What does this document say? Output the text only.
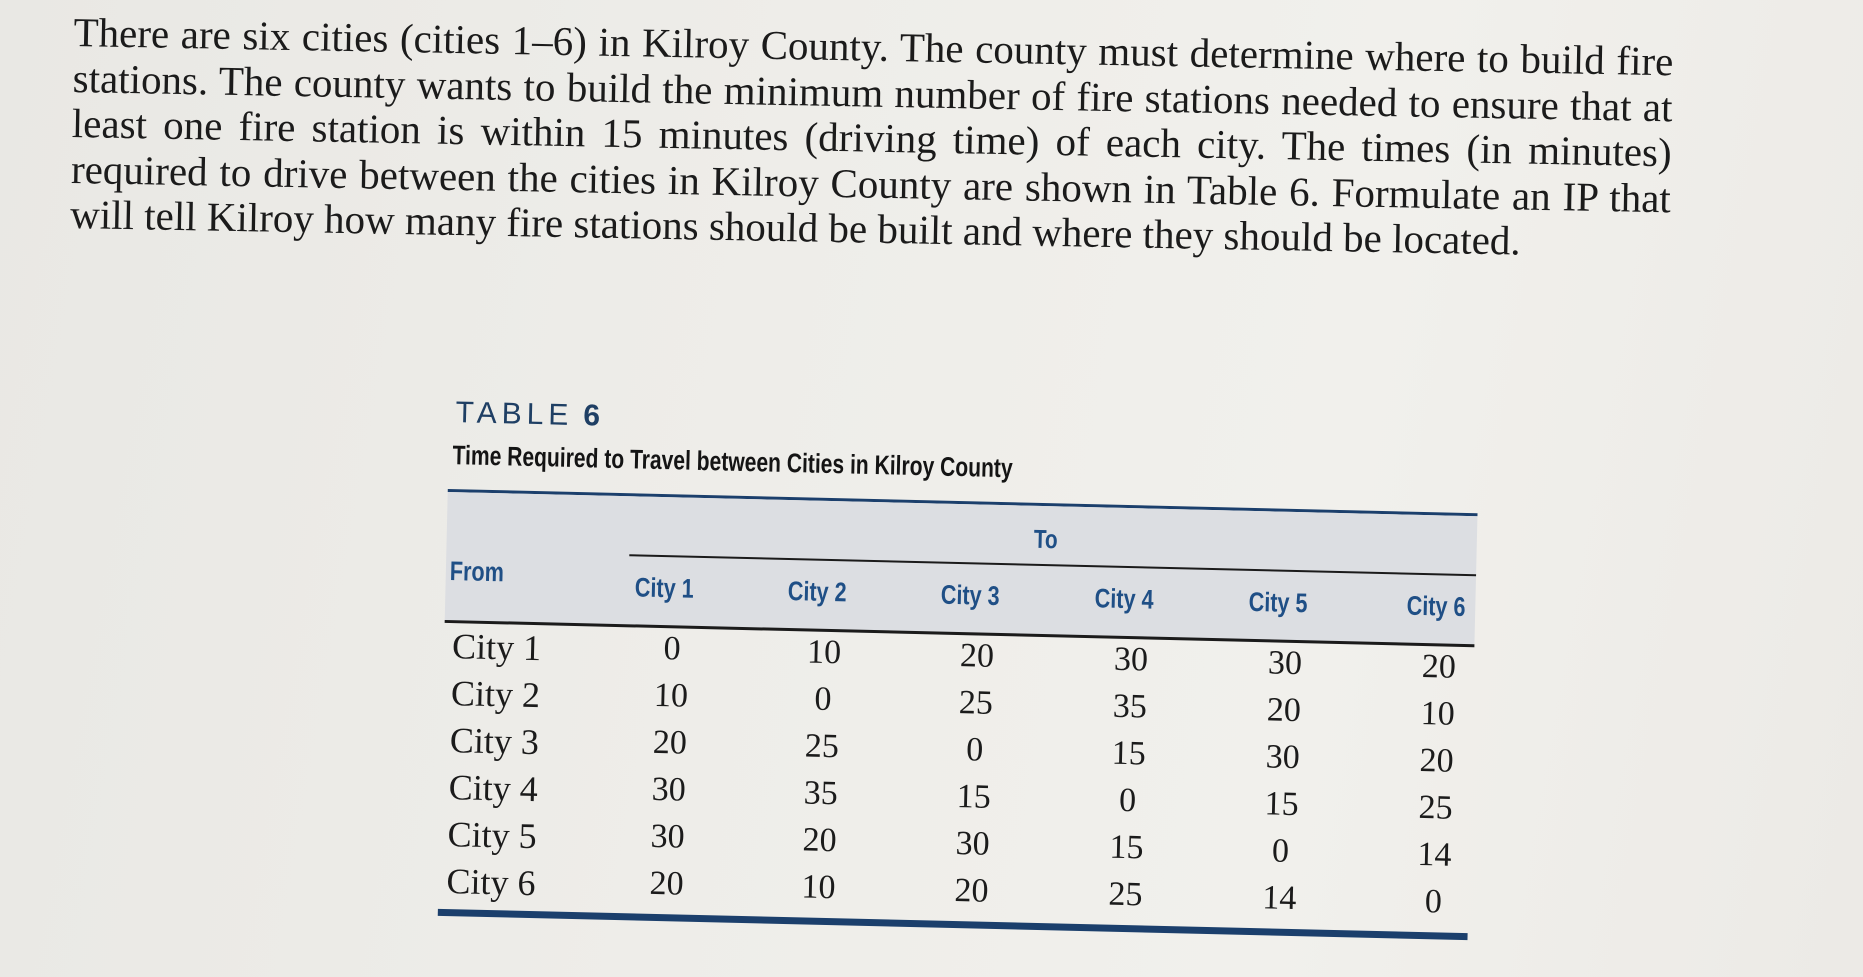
There are six cities (cities 1–6) in Kilroy County. The county must determine where to build fire stations. The county wants to build the minimum number of fire stations needed to ensure that at least one fire station is within 15 minutes (driving time) of each city. The times (in minutes) required to drive between the cities in Kilroy County are shown in Table 6. Formulate an IP that will tell Kilroy how many fire stations should be built and where they should be located.

TABLE 6
Time Required to Travel between Cities in Kilroy County
To
From
City 1	City 2	City 3	City 4	City 5	City 6
City 1	0	10	20	30	30	20
City 2	10	0	25	35	20	10
City 3	20	25	0	15	30	20
City 4	30	35	15	0	15	25
City 5	30	20	30	15	0	14
City 6	20	10	20	25	14	0
